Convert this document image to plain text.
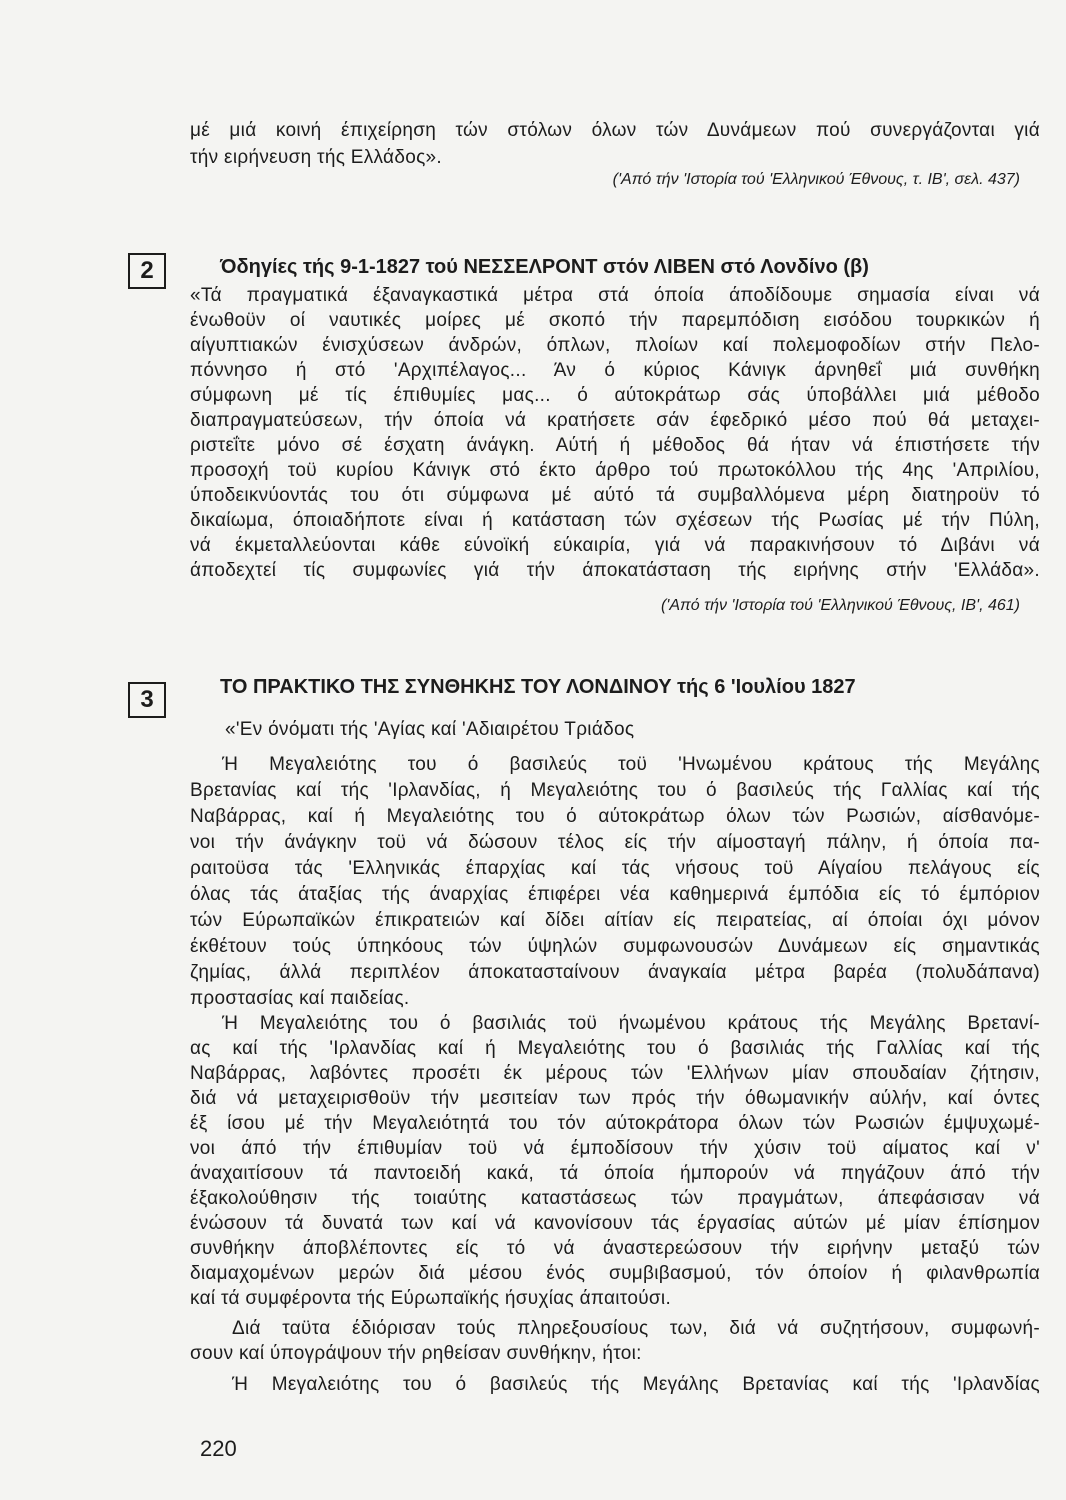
μέ μιά κοινή έπιχείρηση τών στόλων όλων τών Δυνάμεων πού συνεργάζονται γιά
τήν ειρήνευση τής Ελλάδος».
('Από τήν 'Ιστορία τού 'Ελληνικού Έθνους, τ. ΙΒ', σελ. 437)
2	Όδηγίες τής 9-1-1827 τού ΝΕΣΣΕΛΡΟΝΤ στόν ΛΙΒΕΝ στό Λονδίνο (β)
«Τά πραγματικά έξαναγκαστικά μέτρα στά όποία άποδίδουμε σημασία είναι νά
ένωθοϋν οί ναυτικές μοίρες μέ σκοπό τήν παρεμπόδιση εισόδου τουρκικών ή
αίγυπτιακών ένισχύσεων άνδρών, όπλων, πλοίων καί πολεμοφοδίων στήν Πελο-
πόννησο ή στό 'Αρχιπέλαγος... Άν ό κύριος Κάνιγκ άρνηθεΐ μιά συνθήκη
σύμφωνη μέ τίς έπιθυμίες μας... ό αύτοκράτωρ σάς ύποβάλλει μιά μέθοδο
διαπραγματεύσεων, τήν όποία νά κρατήσετε σάν έφεδρικό μέσο πού θά μεταχει-
ριστεΐτε μόνο σέ έσχατη άνάγκη. Αύτή ή μέθοδος θά ήταν νά έπιστήσετε τήν
προσοχή τοϋ κυρίου Κάνιγκ στό έκτο άρθρο τού πρωτοκόλλου τής 4ης 'Απριλίου,
ύποδεικνύοντάς του ότι σύμφωνα μέ αύτό τά συμβαλλόμενα μέρη διατηροϋν τό
δικαίωμα, όποιαδήποτε είναι ή κατάσταση τών σχέσεων τής Ρωσίας μέ τήν Πύλη,
νά έκμεταλλεύονται κάθε εύνοϊκή εύκαιρία, γιά νά παρακινήσουν τό Διβάνι νά
άποδεχτεί τίς συμφωνίες γιά τήν άποκατάσταση τής ειρήνης στήν 'Ελλάδα».
('Από τήν 'Ιστορία τού 'Ελληνικού Έθνους, ΙΒ', 461)
3	ΤΟ ΠΡΑΚΤΙΚΟ ΤΗΣ ΣΥΝΘΗΚΗΣ ΤΟΥ ΛΟΝΔΙΝΟΥ τής 6 'Ιουλίου 1827
«'Εν όνόματι τής 'Αγίας καί 'Αδιαιρέτου Τριάδος
Ή Μεγαλειότης του ό βασιλεύς τοϋ 'Ηνωμένου κράτους τής Μεγάλης
Βρετανίας καί τής 'Ιρλανδίας, ή Μεγαλειότης του ό βασιλεύς τής Γαλλίας καί τής
Ναβάρρας, καί ή Μεγαλειότης του ό αύτοκράτωρ όλων τών Ρωσιών, αίσθανόμε-
νοι τήν άνάγκην τοϋ νά δώσουν τέλος είς τήν αίμοσταγή πάλην, ή όποία πα-
ραιτοϋσα τάς 'Ελληνικάς έπαρχίας καί τάς νήσους τοϋ Αίγαίου πελάγους είς
όλας τάς άταξίας τής άναρχίας έπιφέρει νέα καθημερινά έμπόδια είς τό έμπόριον
τών Εύρωπαϊκών έπικρατειών καί δίδει αίτίαν είς πειρατείας, αί όποίαι όχι μόνον
έκθέτουν τούς ύπηκόους τών ύψηλών συμφωνουσών Δυνάμεων είς σημαντικάς
ζημίας, άλλά περιπλέον άποκατασταίνουν άναγκαία μέτρα βαρέα (πολυδάπανα)
προστασίας καί παιδείας.
Ή Μεγαλειότης του ό βασιλιάς τοϋ ήνωμένου κράτους τής Μεγάλης Βρετανί-
ας καί τής 'Ιρλανδίας καί ή Μεγαλειότης του ό βασιλιάς τής Γαλλίας καί τής
Ναβάρρας, λαβόντες προσέτι έκ μέρους τών 'Ελλήνων μίαν σπουδαίαν ζήτησιν,
διά νά μεταχειρισθοϋν τήν μεσιτείαν των πρός τήν όθωμανικήν αύλήν, καί όντες
έξ ίσου μέ τήν Μεγαλειότητά του τόν αύτοκράτορα όλων τών Ρωσιών έμψυχωμέ-
νοι άπό τήν έπιθυμίαν τοϋ νά έμποδίσουν τήν χύσιν τοϋ αίματος καί ν'
άναχαιτίσουν τά παντοειδή κακά, τά όποία ήμπορούν νά πηγάζουν άπό τήν
έξακολούθησιν τής τοιαύτης καταστάσεως τών πραγμάτων, άπεφάσισαν νά
ένώσουν τά δυνατά των καί νά κανονίσουν τάς έργασίας αύτών μέ μίαν έπίσημον
συνθήκην άποβλέποντες είς τό νά άναστερεώσουν τήν ειρήνην μεταξύ τών
διαμαχομένων μερών διά μέσου ένός συμβιβασμού, τόν όποίον ή φιλανθρωπία
καί τά συμφέροντα τής Εύρωπαϊκής ήσυχίας άπαιτούσι.
Διά ταϋτα έδιόρισαν τούς πληρεξουσίους των, διά νά συζητήσουν, συμφωνή-
σουν καί ύπογράψουν τήν ρηθείσαν συνθήκην, ήτοι:
Ή Μεγαλειότης του ό βασιλεύς τής Μεγάλης Βρετανίας καί τής 'Ιρλανδίας
220
